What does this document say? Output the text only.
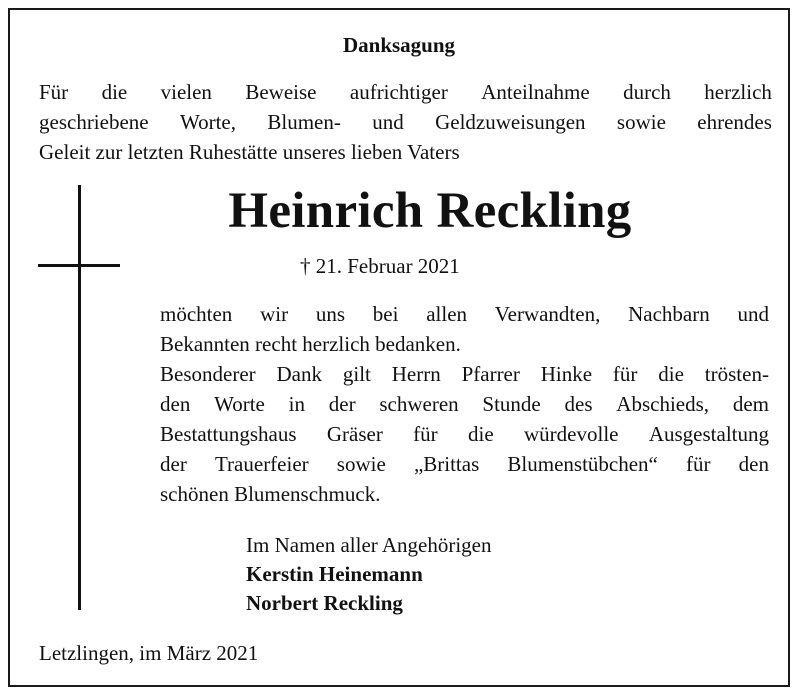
Danksagung
Für die vielen Beweise aufrichtiger Anteilnahme durch herzlich
geschriebene Worte, Blumen- und Geldzuweisungen sowie ehrendes
Geleit zur letzten Ruhestätte unseres lieben Vaters
Heinrich Reckling
† 21. Februar 2021
möchten wir uns bei allen Verwandten, Nachbarn und
Bekannten recht herzlich bedanken.
Besonderer Dank gilt Herrn Pfarrer Hinke für die trösten-
den Worte in der schweren Stunde des Abschieds, dem
Bestattungshaus Gräser für die würdevolle Ausgestaltung
der Trauerfeier sowie „Brittas Blumenstübchen“ für den
schönen Blumenschmuck.
Im Namen aller Angehörigen
Kerstin Heinemann
Norbert Reckling
Letzlingen, im März 2021
